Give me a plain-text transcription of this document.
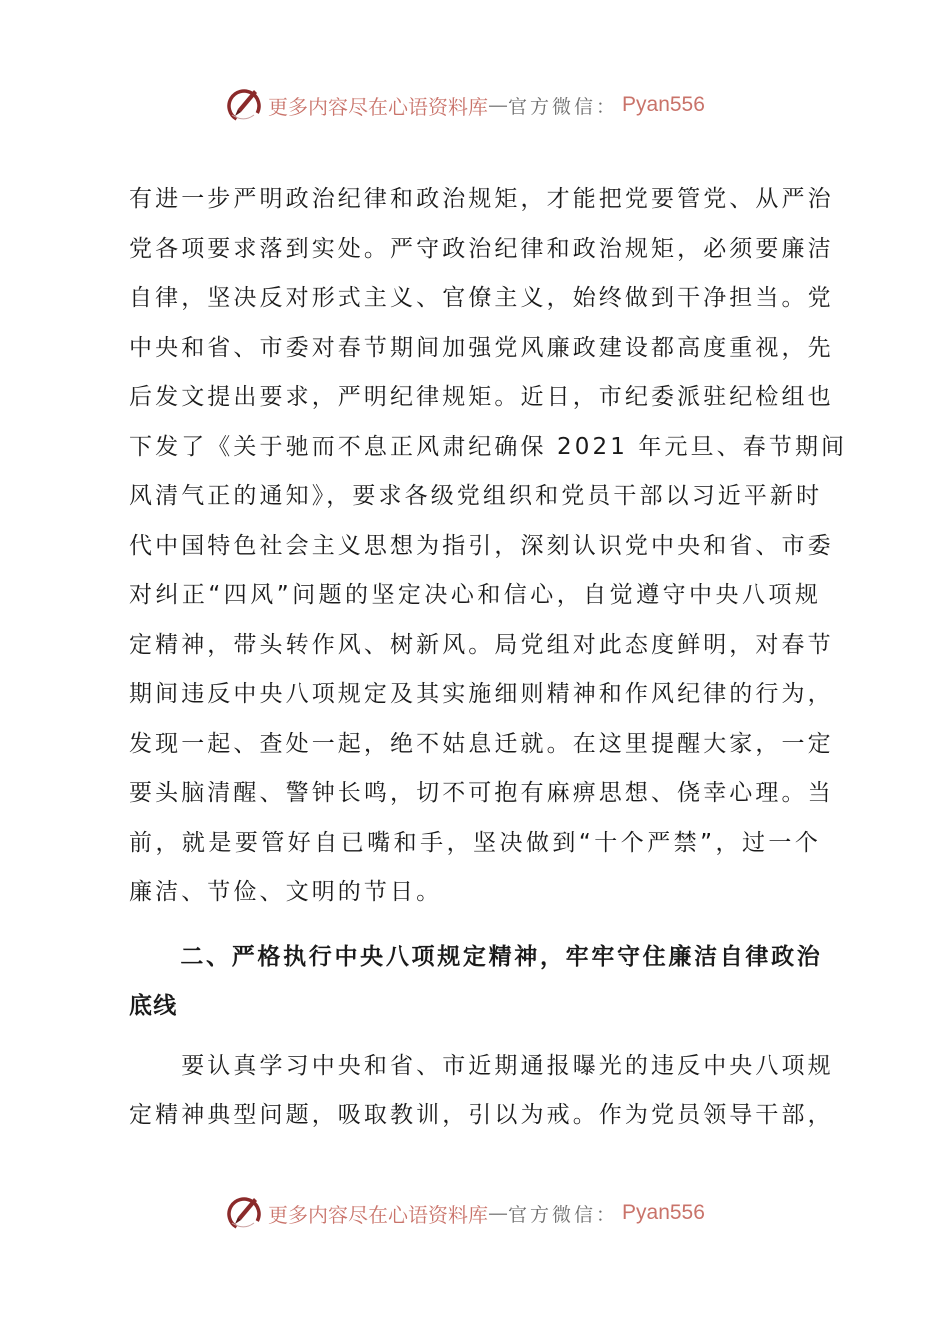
更多内容尽在心语资料库 — 官方微信： Pyan556
有进一步严明政治纪律和政治规矩，才能把党要管党、从严治
党各项要求落到实处。严守政治纪律和政治规矩，必须要廉洁
自律，坚决反对形式主义、官僚主义，始终做到干净担当。党
中央和省、市委对春节期间加强党风廉政建设都高度重视，先
后发文提出要求，严明纪律规矩。近日，市纪委派驻纪检组也
下发了《关于驰而不息正风肃纪确保 2021 年元旦、春节期间
风清气正的通知》，要求各级党组织和党员干部以习近平新时
代中国特色社会主义思想为指引，深刻认识党中央和省、市委
对纠正“四风”问题的坚定决心和信心，自觉遵守中央八项规
定精神，带头转作风、树新风。局党组对此态度鲜明，对春节
期间违反中央八项规定及其实施细则精神和作风纪律的行为，
发现一起、查处一起，绝不姑息迁就。在这里提醒大家，一定
要头脑清醒、警钟长鸣，切不可抱有麻痹思想、侥幸心理。当
前，就是要管好自已嘴和手，坚决做到“十个严禁”，过一个
廉洁、节俭、文明的节日。
　　二、严格执行中央八项规定精神，牢牢守住廉洁自律政治
底线
　　要认真学习中央和省、市近期通报曝光的违反中央八项规
定精神典型问题，吸取教训，引以为戒。作为党员领导干部，
更多内容尽在心语资料库 — 官方微信： Pyan556
